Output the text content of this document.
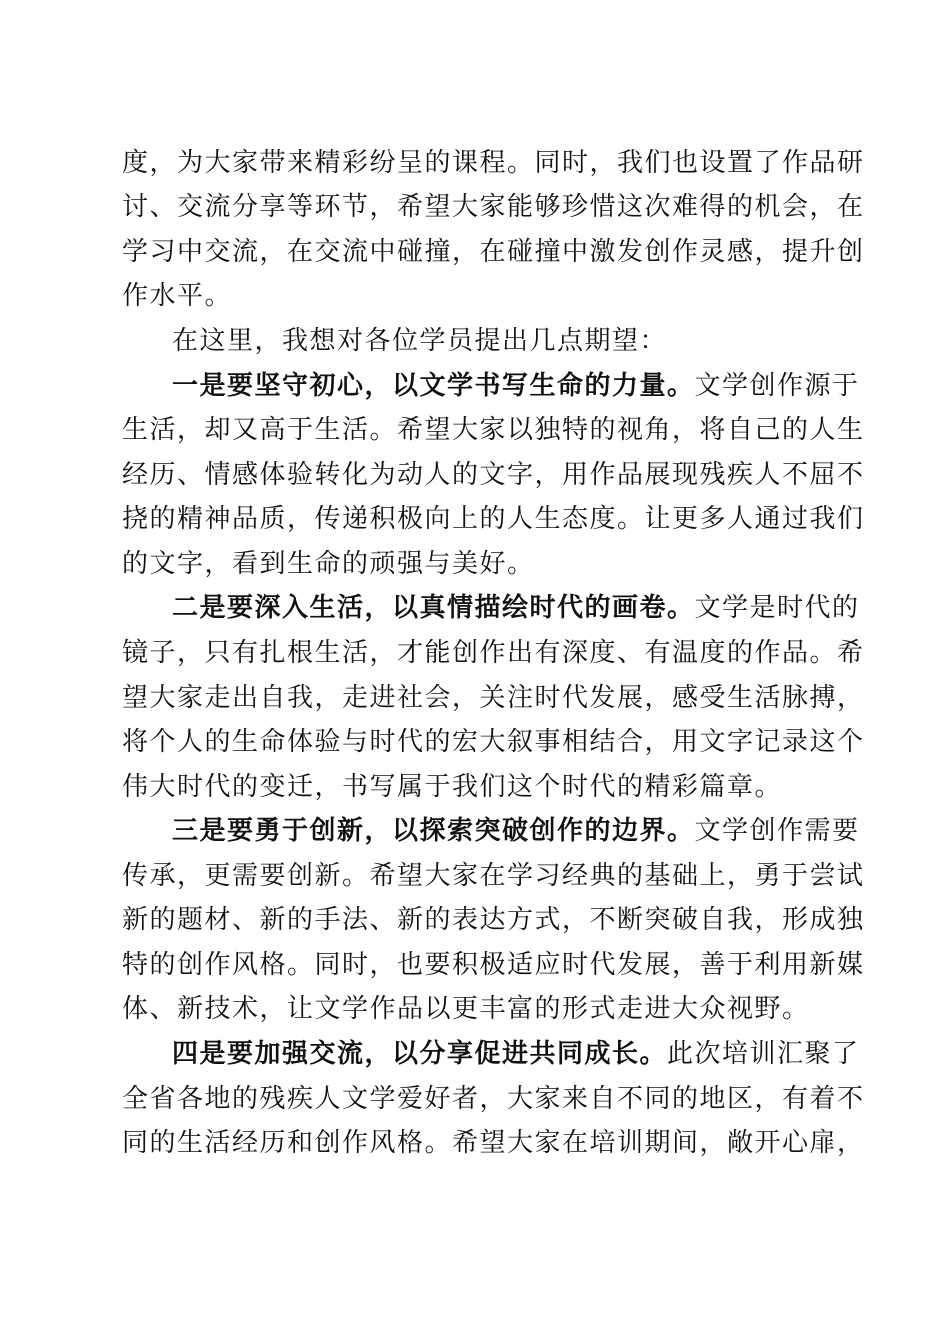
度，为大家带来精彩纷呈的课程。同时，我们也设置了作品研

讨、交流分享等环节，希望大家能够珍惜这次难得的机会，在

学习中交流，在交流中碰撞，在碰撞中激发创作灵感，提升创

作水平。

在这里，我想对各位学员提出几点期望：

一是要坚守初心，以文学书写生命的力量。文学创作源于

生活，却又高于生活。希望大家以独特的视角，将自己的人生

经历、情感体验转化为动人的文字，用作品展现残疾人不屈不

挠的精神品质，传递积极向上的人生态度。让更多人通过我们

的文字，看到生命的顽强与美好。

二是要深入生活，以真情描绘时代的画卷。文学是时代的

镜子，只有扎根生活，才能创作出有深度、有温度的作品。希

望大家走出自我，走进社会，关注时代发展，感受生活脉搏，

将个人的生命体验与时代的宏大叙事相结合，用文字记录这个

伟大时代的变迁，书写属于我们这个时代的精彩篇章。

三是要勇于创新，以探索突破创作的边界。文学创作需要

传承，更需要创新。希望大家在学习经典的基础上，勇于尝试

新的题材、新的手法、新的表达方式，不断突破自我，形成独

特的创作风格。同时，也要积极适应时代发展，善于利用新媒

体、新技术，让文学作品以更丰富的形式走进大众视野。

四是要加强交流，以分享促进共同成长。此次培训汇聚了

全省各地的残疾人文学爱好者，大家来自不同的地区，有着不

同的生活经历和创作风格。希望大家在培训期间，敞开心扉，
